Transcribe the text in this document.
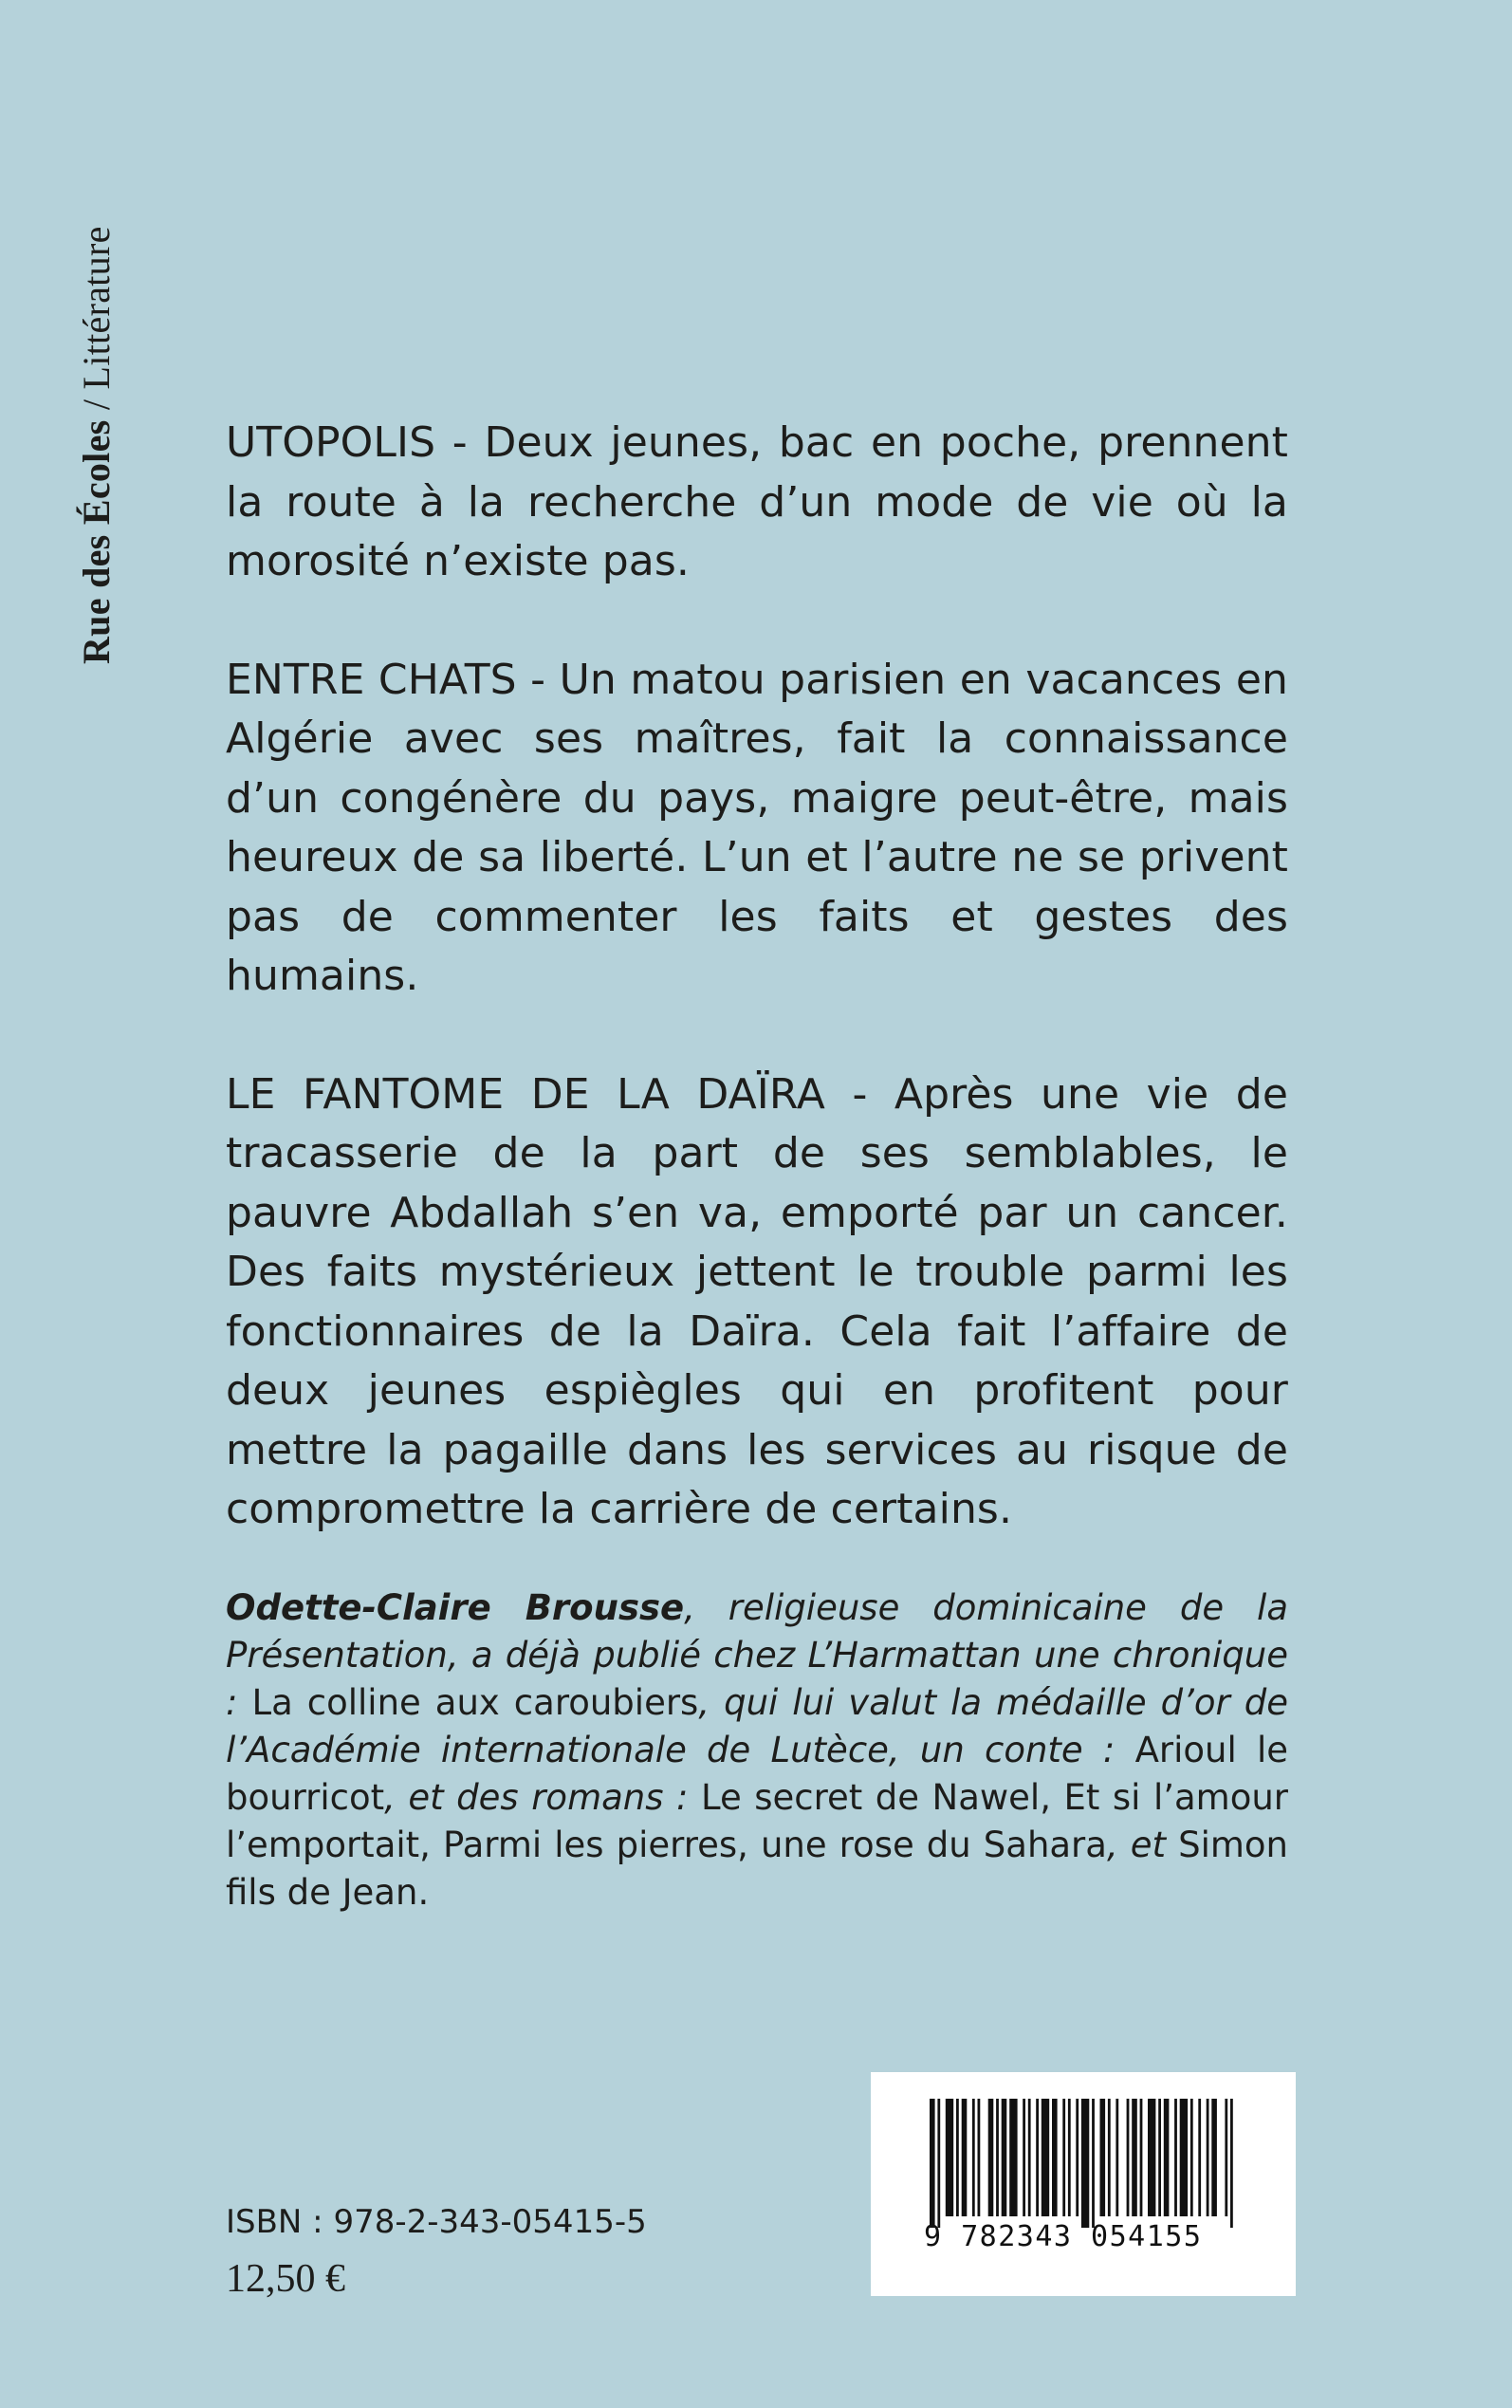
Rue des Écoles / Littérature

UTOPOLIS - Deux jeunes, bac en poche, prennent la route à la recherche d’un mode de vie où la morosité n’existe pas.

ENTRE CHATS - Un matou parisien en vacances en Algérie avec ses maîtres, fait la connaissance d’un congénère du pays, maigre peut-être, mais heureux de sa liberté. L’un et l’autre ne se privent pas de commenter les faits et gestes des humains.

LE FANTOME DE LA DAÏRA - Après une vie de tracasserie de la part de ses semblables, le pauvre Abdallah s’en va, emporté par un cancer. Des faits mystérieux jettent le trouble parmi les fonctionnaires de la Daïra. Cela fait l’affaire de deux jeunes espiègles qui en profitent pour mettre la pagaille dans les services au risque de compromettre la carrière de certains.

Odette-Claire Brousse, religieuse dominicaine de la Présentation, a déjà publié chez L’Harmattan une chronique : La colline aux caroubiers, qui lui valut la médaille d’or de l’Académie internationale de Lutèce, un conte : Arioul le bourricot, et des romans : Le secret de Nawel, Et si l’amour l’emportait, Parmi les pierres, une rose du Sahara, et Simon fils de Jean.
9 782343 054155
ISBN : 978-2-343-05415-5
12,50 €
